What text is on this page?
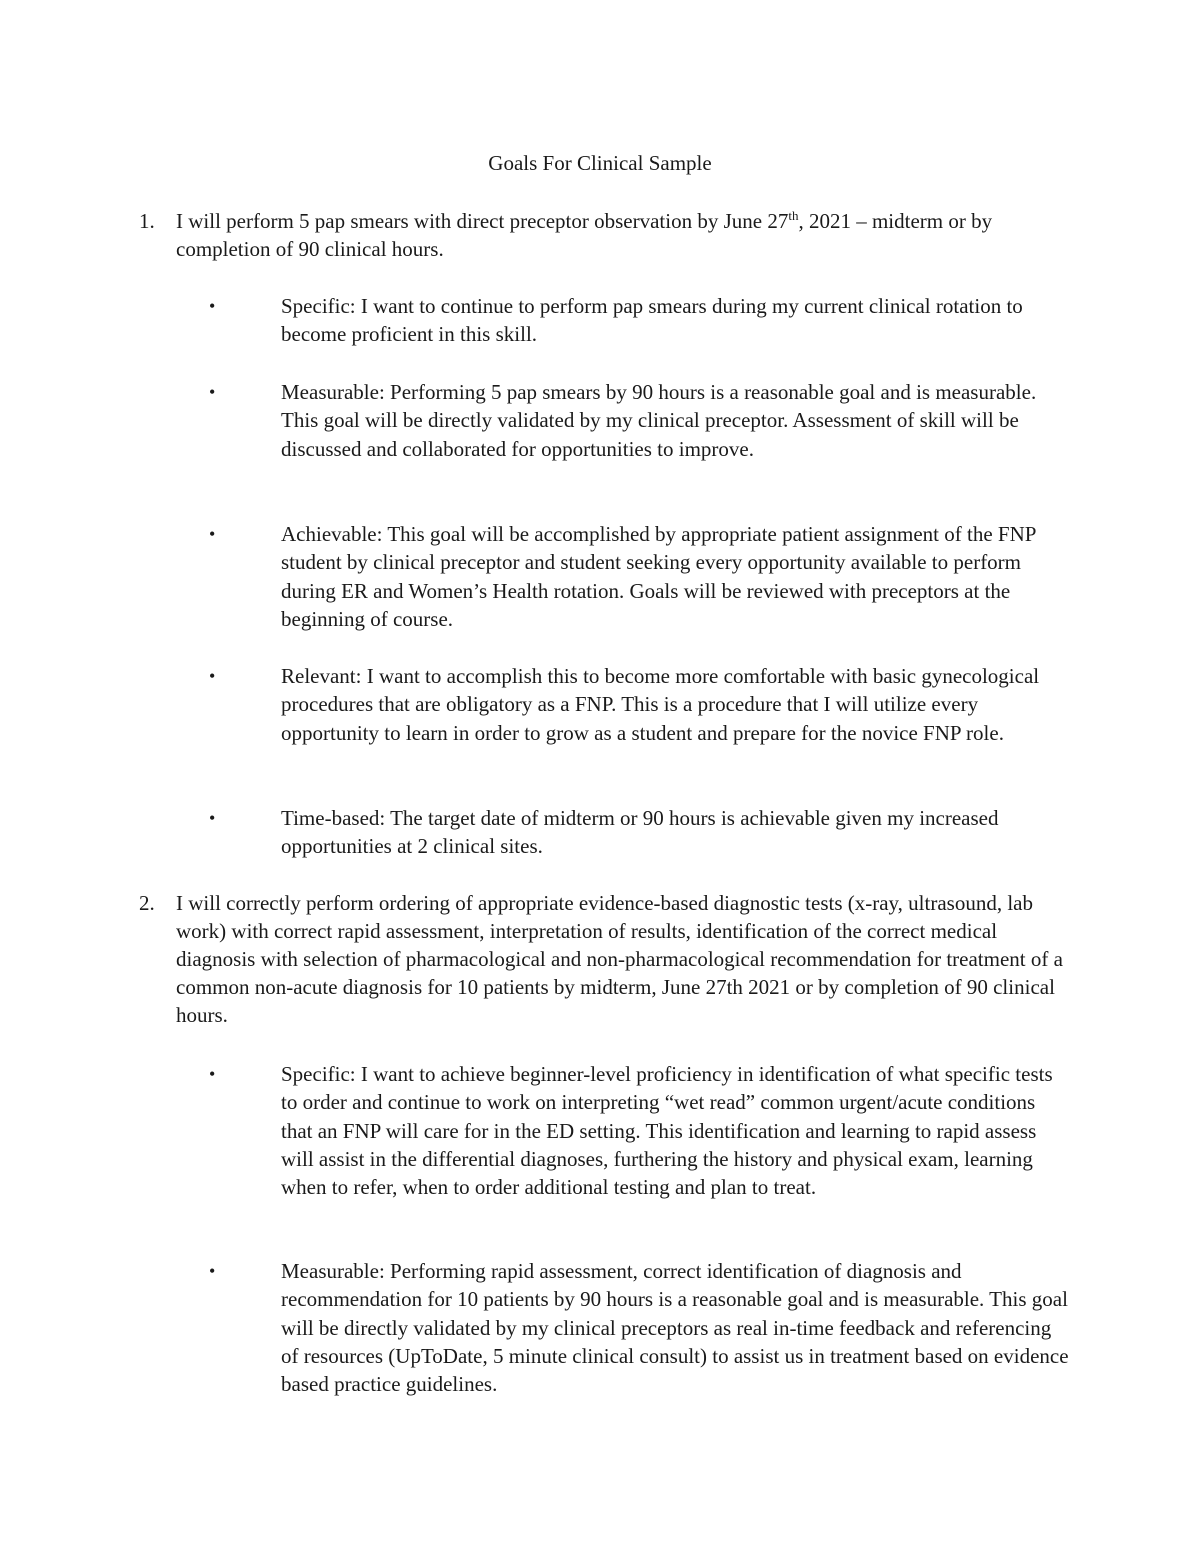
Goals For Clinical Sample
1. I will perform 5 pap smears with direct preceptor observation by June 27th, 2021 – midterm or by completion of 90 clinical hours.
•	Specific: I want to continue to perform pap smears during my current clinical rotation to become proficient in this skill.
•	Measurable: Performing 5 pap smears by 90 hours is a reasonable goal and is measurable. This goal will be directly validated by my clinical preceptor. Assessment of skill will be discussed and collaborated for opportunities to improve.
•	Achievable: This goal will be accomplished by appropriate patient assignment of the FNP student by clinical preceptor and student seeking every opportunity available to perform during ER and Women’s Health rotation. Goals will be reviewed with preceptors at the beginning of course.
•	Relevant: I want to accomplish this to become more comfortable with basic gynecological procedures that are obligatory as a FNP. This is a procedure that I will utilize every opportunity to learn in order to grow as a student and prepare for the novice FNP role.
•	Time-based: The target date of midterm or 90 hours is achievable given my increased opportunities at 2 clinical sites.
2. I will correctly perform ordering of appropriate evidence-based diagnostic tests (x-ray, ultrasound, lab work) with correct rapid assessment, interpretation of results, identification of the correct medical diagnosis with selection of pharmacological and non-pharmacological recommendation for treatment of a common non-acute diagnosis for 10 patients by midterm, June 27th 2021 or by completion of 90 clinical hours.
•	Specific: I want to achieve beginner-level proficiency in identification of what specific tests to order and continue to work on interpreting “wet read” common urgent/acute conditions that an FNP will care for in the ED setting. This identification and learning to rapid assess will assist in the differential diagnoses, furthering the history and physical exam, learning when to refer, when to order additional testing and plan to treat.
•	Measurable: Performing rapid assessment, correct identification of diagnosis and recommendation for 10 patients by 90 hours is a reasonable goal and is measurable. This goal will be directly validated by my clinical preceptors as real in-time feedback and referencing of resources (UpToDate, 5 minute clinical consult) to assist us in treatment based on evidence based practice guidelines.
